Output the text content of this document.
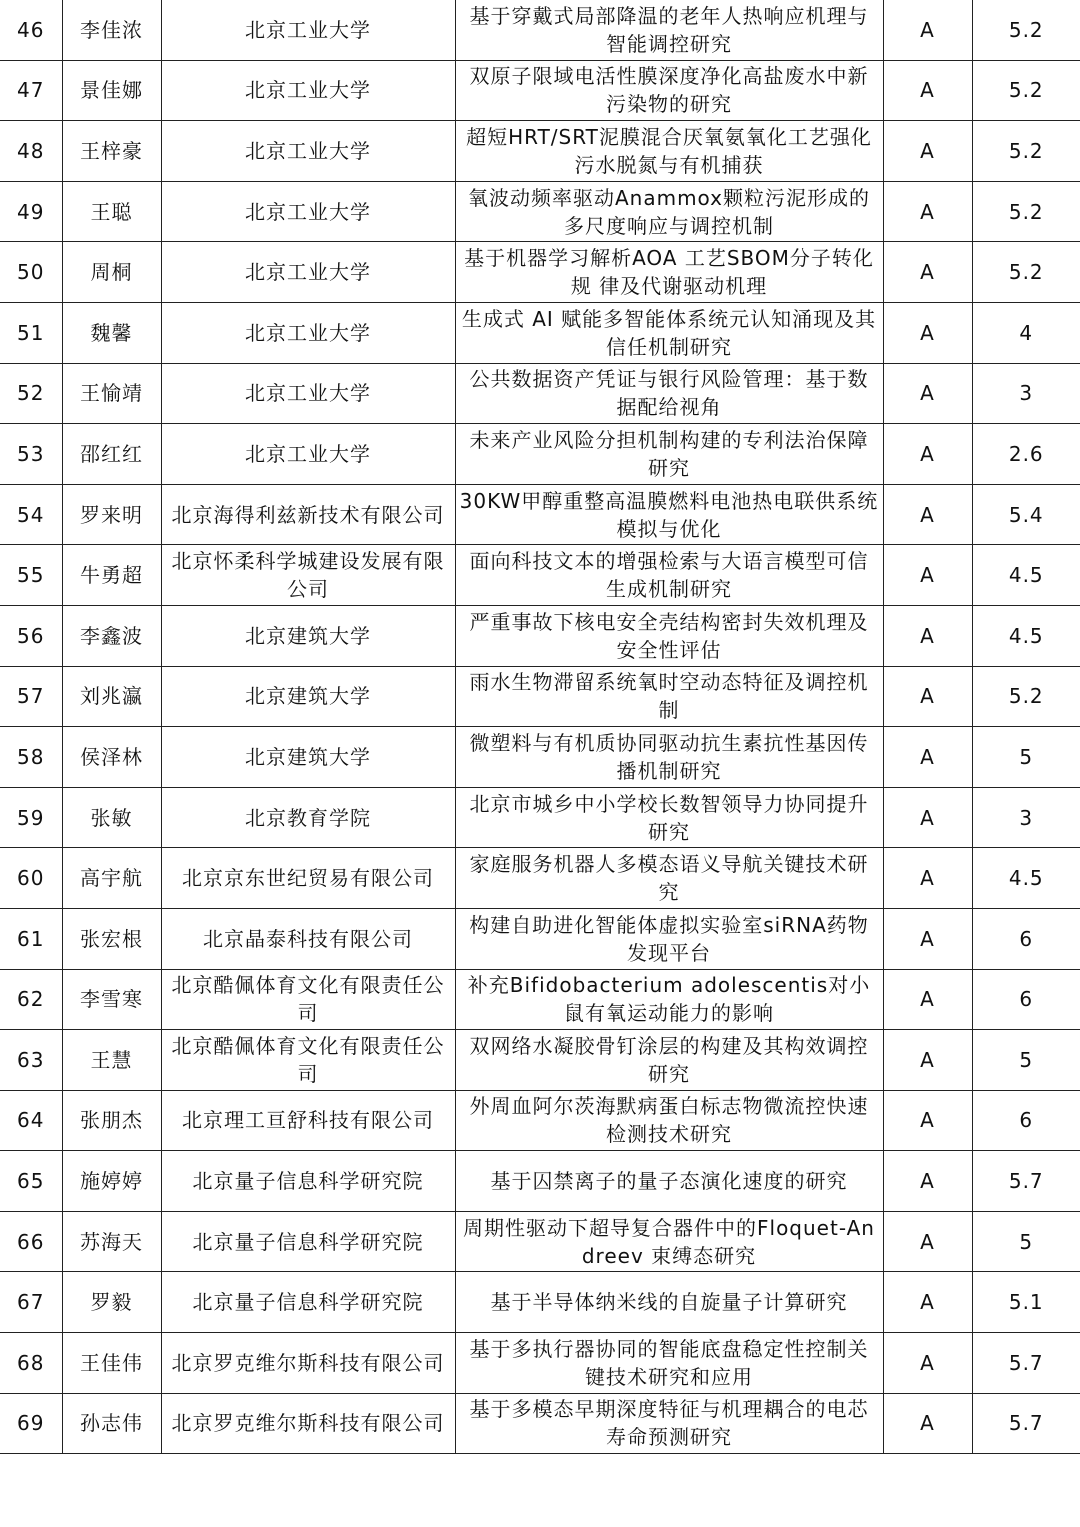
46	李佳浓	北京工业大学	基于穿戴式局部降温的老年人热响应机理与智能调控研究	A	5.2
47	景佳娜	北京工业大学	双原子限域电活性膜深度净化高盐废水中新污染物的研究	A	5.2
48	王梓豪	北京工业大学	超短HRT/SRT泥膜混合厌氧氨氧化工艺强化污水脱氮与有机捕获	A	5.2
49	王聪	北京工业大学	氧波动频率驱动Anammox颗粒污泥形成的多尺度响应与调控机制	A	5.2
50	周桐	北京工业大学	基于机器学习解析AOA 工艺SBOM分子转化规 律及代谢驱动机理	A	5.2
51	魏馨	北京工业大学	生成式 AI 赋能多智能体系统元认知涌现及其信任机制研究	A	4
52	王愉靖	北京工业大学	公共数据资产凭证与银行风险管理：基于数据配给视角	A	3
53	邵红红	北京工业大学	未来产业风险分担机制构建的专利法治保障研究	A	2.6
54	罗来明	北京海得利兹新技术有限公司	30KW甲醇重整高温膜燃料电池热电联供系统模拟与优化	A	5.4
55	牛勇超	北京怀柔科学城建设发展有限公司	面向科技文本的增强检索与大语言模型可信生成机制研究	A	4.5
56	李鑫波	北京建筑大学	严重事故下核电安全壳结构密封失效机理及安全性评估	A	4.5
57	刘兆瀛	北京建筑大学	雨水生物滞留系统氧时空动态特征及调控机制	A	5.2
58	侯泽林	北京建筑大学	微塑料与有机质协同驱动抗生素抗性基因传播机制研究	A	5
59	张敏	北京教育学院	北京市城乡中小学校长数智领导力协同提升研究	A	3
60	高宇航	北京京东世纪贸易有限公司	家庭服务机器人多模态语义导航关键技术研究	A	4.5
61	张宏根	北京晶泰科技有限公司	构建自助进化智能体虚拟实验室siRNA药物发现平台	A	6
62	李雪寒	北京酷佩体育文化有限责任公司	补充Bifidobacterium adolescentis对小鼠有氧运动能力的影响	A	6
63	王慧	北京酷佩体育文化有限责任公司	双网络水凝胶骨钉涂层的构建及其构效调控研究	A	5
64	张朋杰	北京理工亘舒科技有限公司	外周血阿尔茨海默病蛋白标志物微流控快速检测技术研究	A	6
65	施婷婷	北京量子信息科学研究院	基于囚禁离子的量子态演化速度的研究	A	5.7
66	苏海天	北京量子信息科学研究院	周期性驱动下超导复合器件中的Floquet-Andreev 束缚态研究	A	5
67	罗毅	北京量子信息科学研究院	基于半导体纳米线的自旋量子计算研究	A	5.1
68	王佳伟	北京罗克维尔斯科技有限公司	基于多执行器协同的智能底盘稳定性控制关键技术研究和应用	A	5.7
69	孙志伟	北京罗克维尔斯科技有限公司	基于多模态早期深度特征与机理耦合的电芯寿命预测研究	A	5.7
